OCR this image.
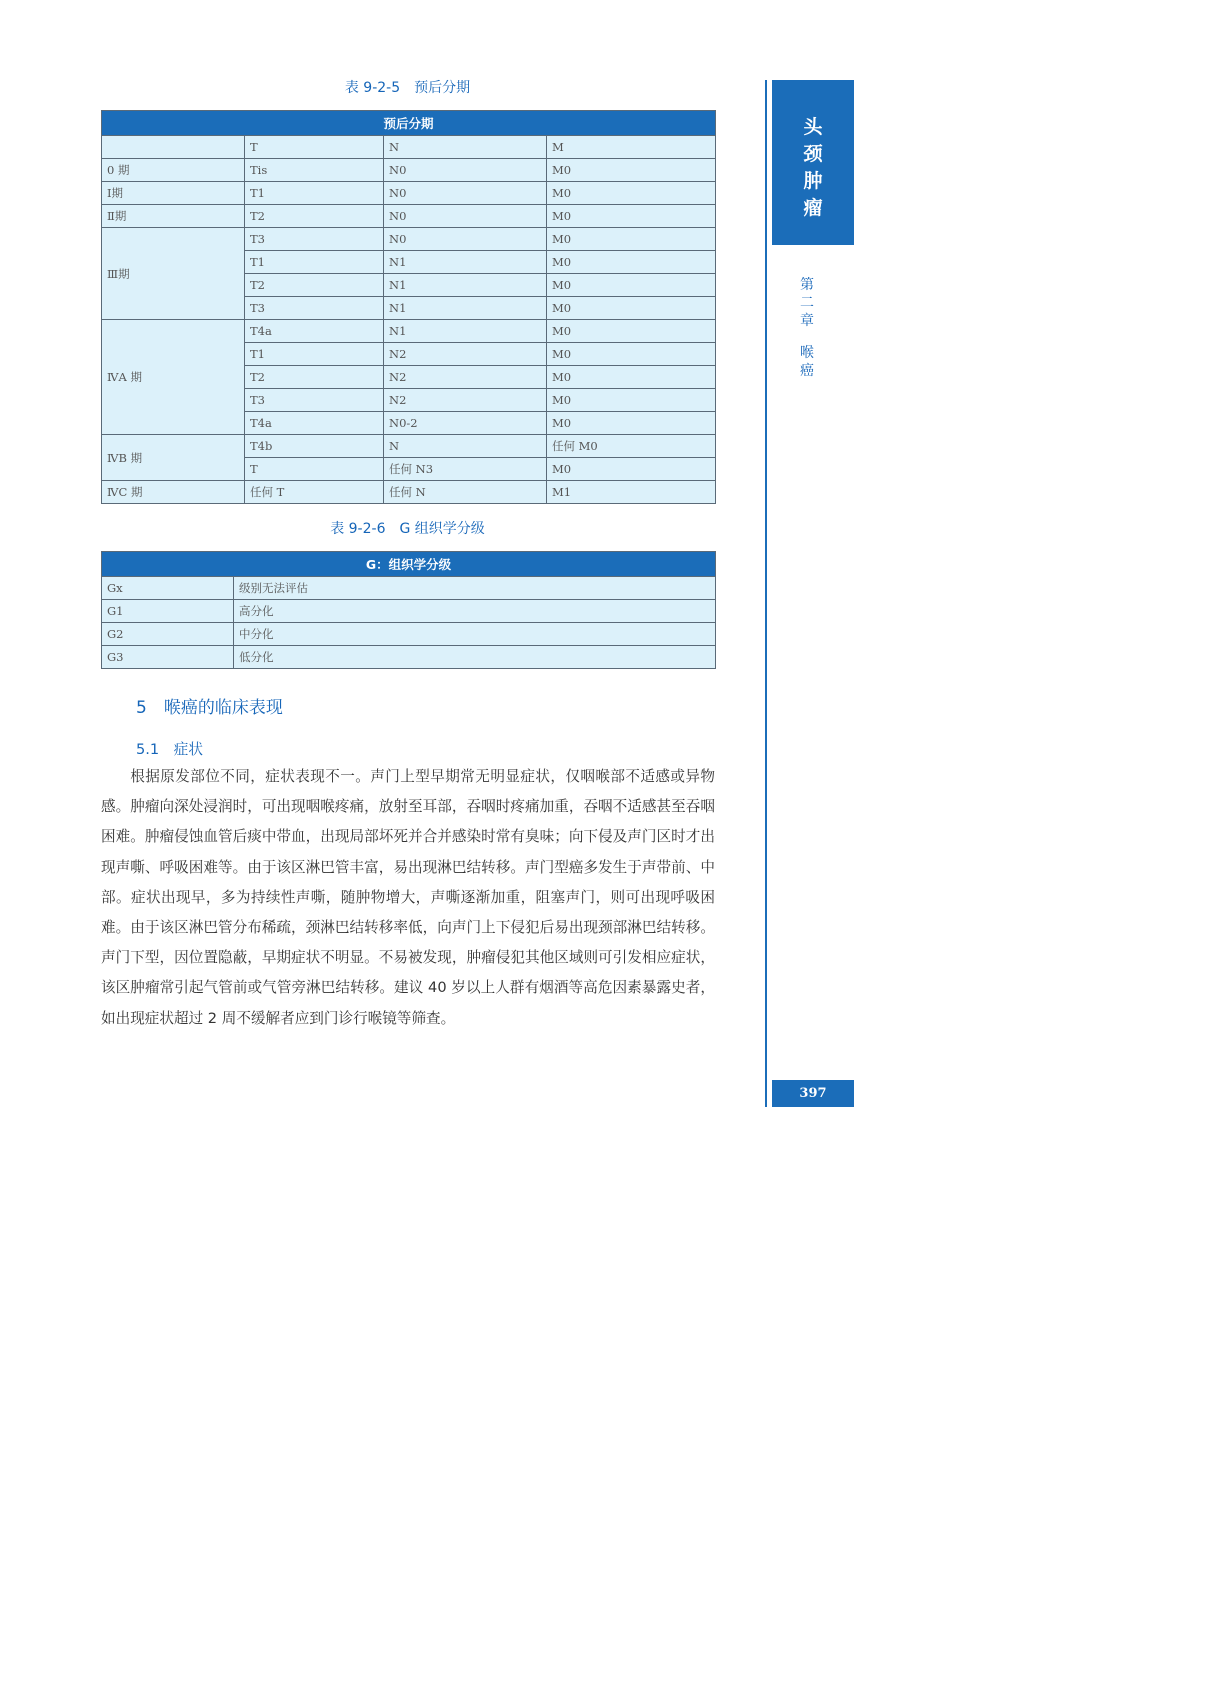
表 9-2-5　预后分期
预后分期			
	T	N	M
0 期	Tis	N0	M0
Ⅰ期	T1	N0	M0
Ⅱ期	T2	N0	M0
Ⅲ期	T3	N0	M0
	T1	N1	M0
	T2	N1	M0
	T3	N1	M0
ⅣA 期	T4a	N1	M0
	T1	N2	M0
	T2	N2	M0
	T3	N2	M0
	T4a	N0-2	M0
ⅣB 期	T4b	N	任何 M0
	T	任何 N3	M0
ⅣC 期	任何 T	任何 N	M1
表 9-2-6　G 组织学分级
G：组织学分级	
Gx	级别无法评估
G1	高分化
G2	中分化
G3	低分化
5　喉癌的临床表现
5.1　症状
根据原发部位不同，症状表现不一。声门上型早期常无明显症状，仅咽喉部不适感或异物感。肿瘤向深处浸润时，可出现咽喉疼痛，放射至耳部，吞咽时疼痛加重，吞咽不适感甚至吞咽困难。肿瘤侵蚀血管后痰中带血，出现局部坏死并合并感染时常有臭味；向下侵及声门区时才出现声嘶、呼吸困难等。由于该区淋巴管丰富，易出现淋巴结转移。声门型癌多发生于声带前、中部。症状出现早，多为持续性声嘶，随肿物增大，声嘶逐渐加重，阻塞声门，则可出现呼吸困难。由于该区淋巴管分布稀疏，颈淋巴结转移率低，向声门上下侵犯后易出现颈部淋巴结转移。声门下型，因位置隐蔽，早期症状不明显。不易被发现，肿瘤侵犯其他区域则可引发相应症状，该区肿瘤常引起气管前或气管旁淋巴结转移。建议 40 岁以上人群有烟酒等高危因素暴露史者，如出现症状超过 2 周不缓解者应到门诊行喉镜等筛查。
头颈肿瘤
第二章
喉癌
397
